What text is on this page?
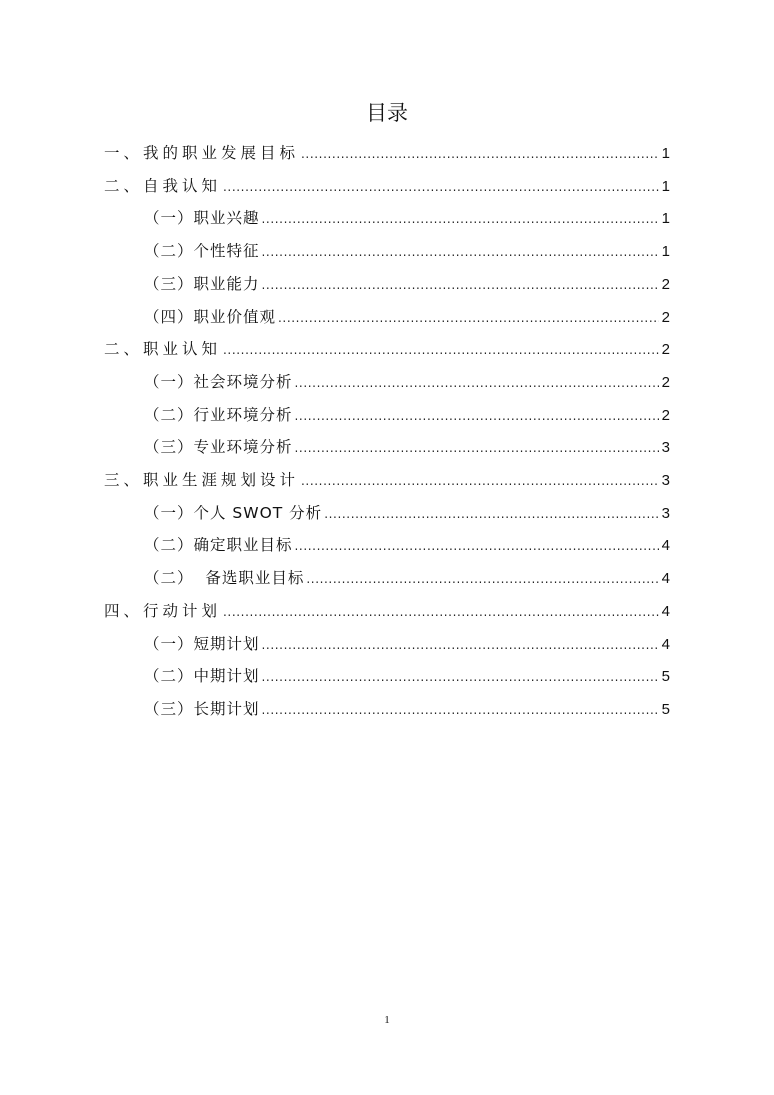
目录
一、我的职业发展目标 .....	1
二、自我认知 .....	1
（一）职业兴趣 .....	1
（二）个性特征 .....	1
（三）职业能力 .....	2
（四）职业价值观 .....	2
二、职业认知 .....	2
（一）社会环境分析 .....	2
（二）行业环境分析 .....	2
（三）专业环境分析 .....	3
三、职业生涯规划设计 .....	3
（一）个人 SWOT 分析 .....	3
（二）确定职业目标 .....	4
（二）  备选职业目标 .....	4
四、行动计划 .....	4
（一）短期计划 .....	4
（二）中期计划 .....	5
（三）长期计划 .....	5
1
